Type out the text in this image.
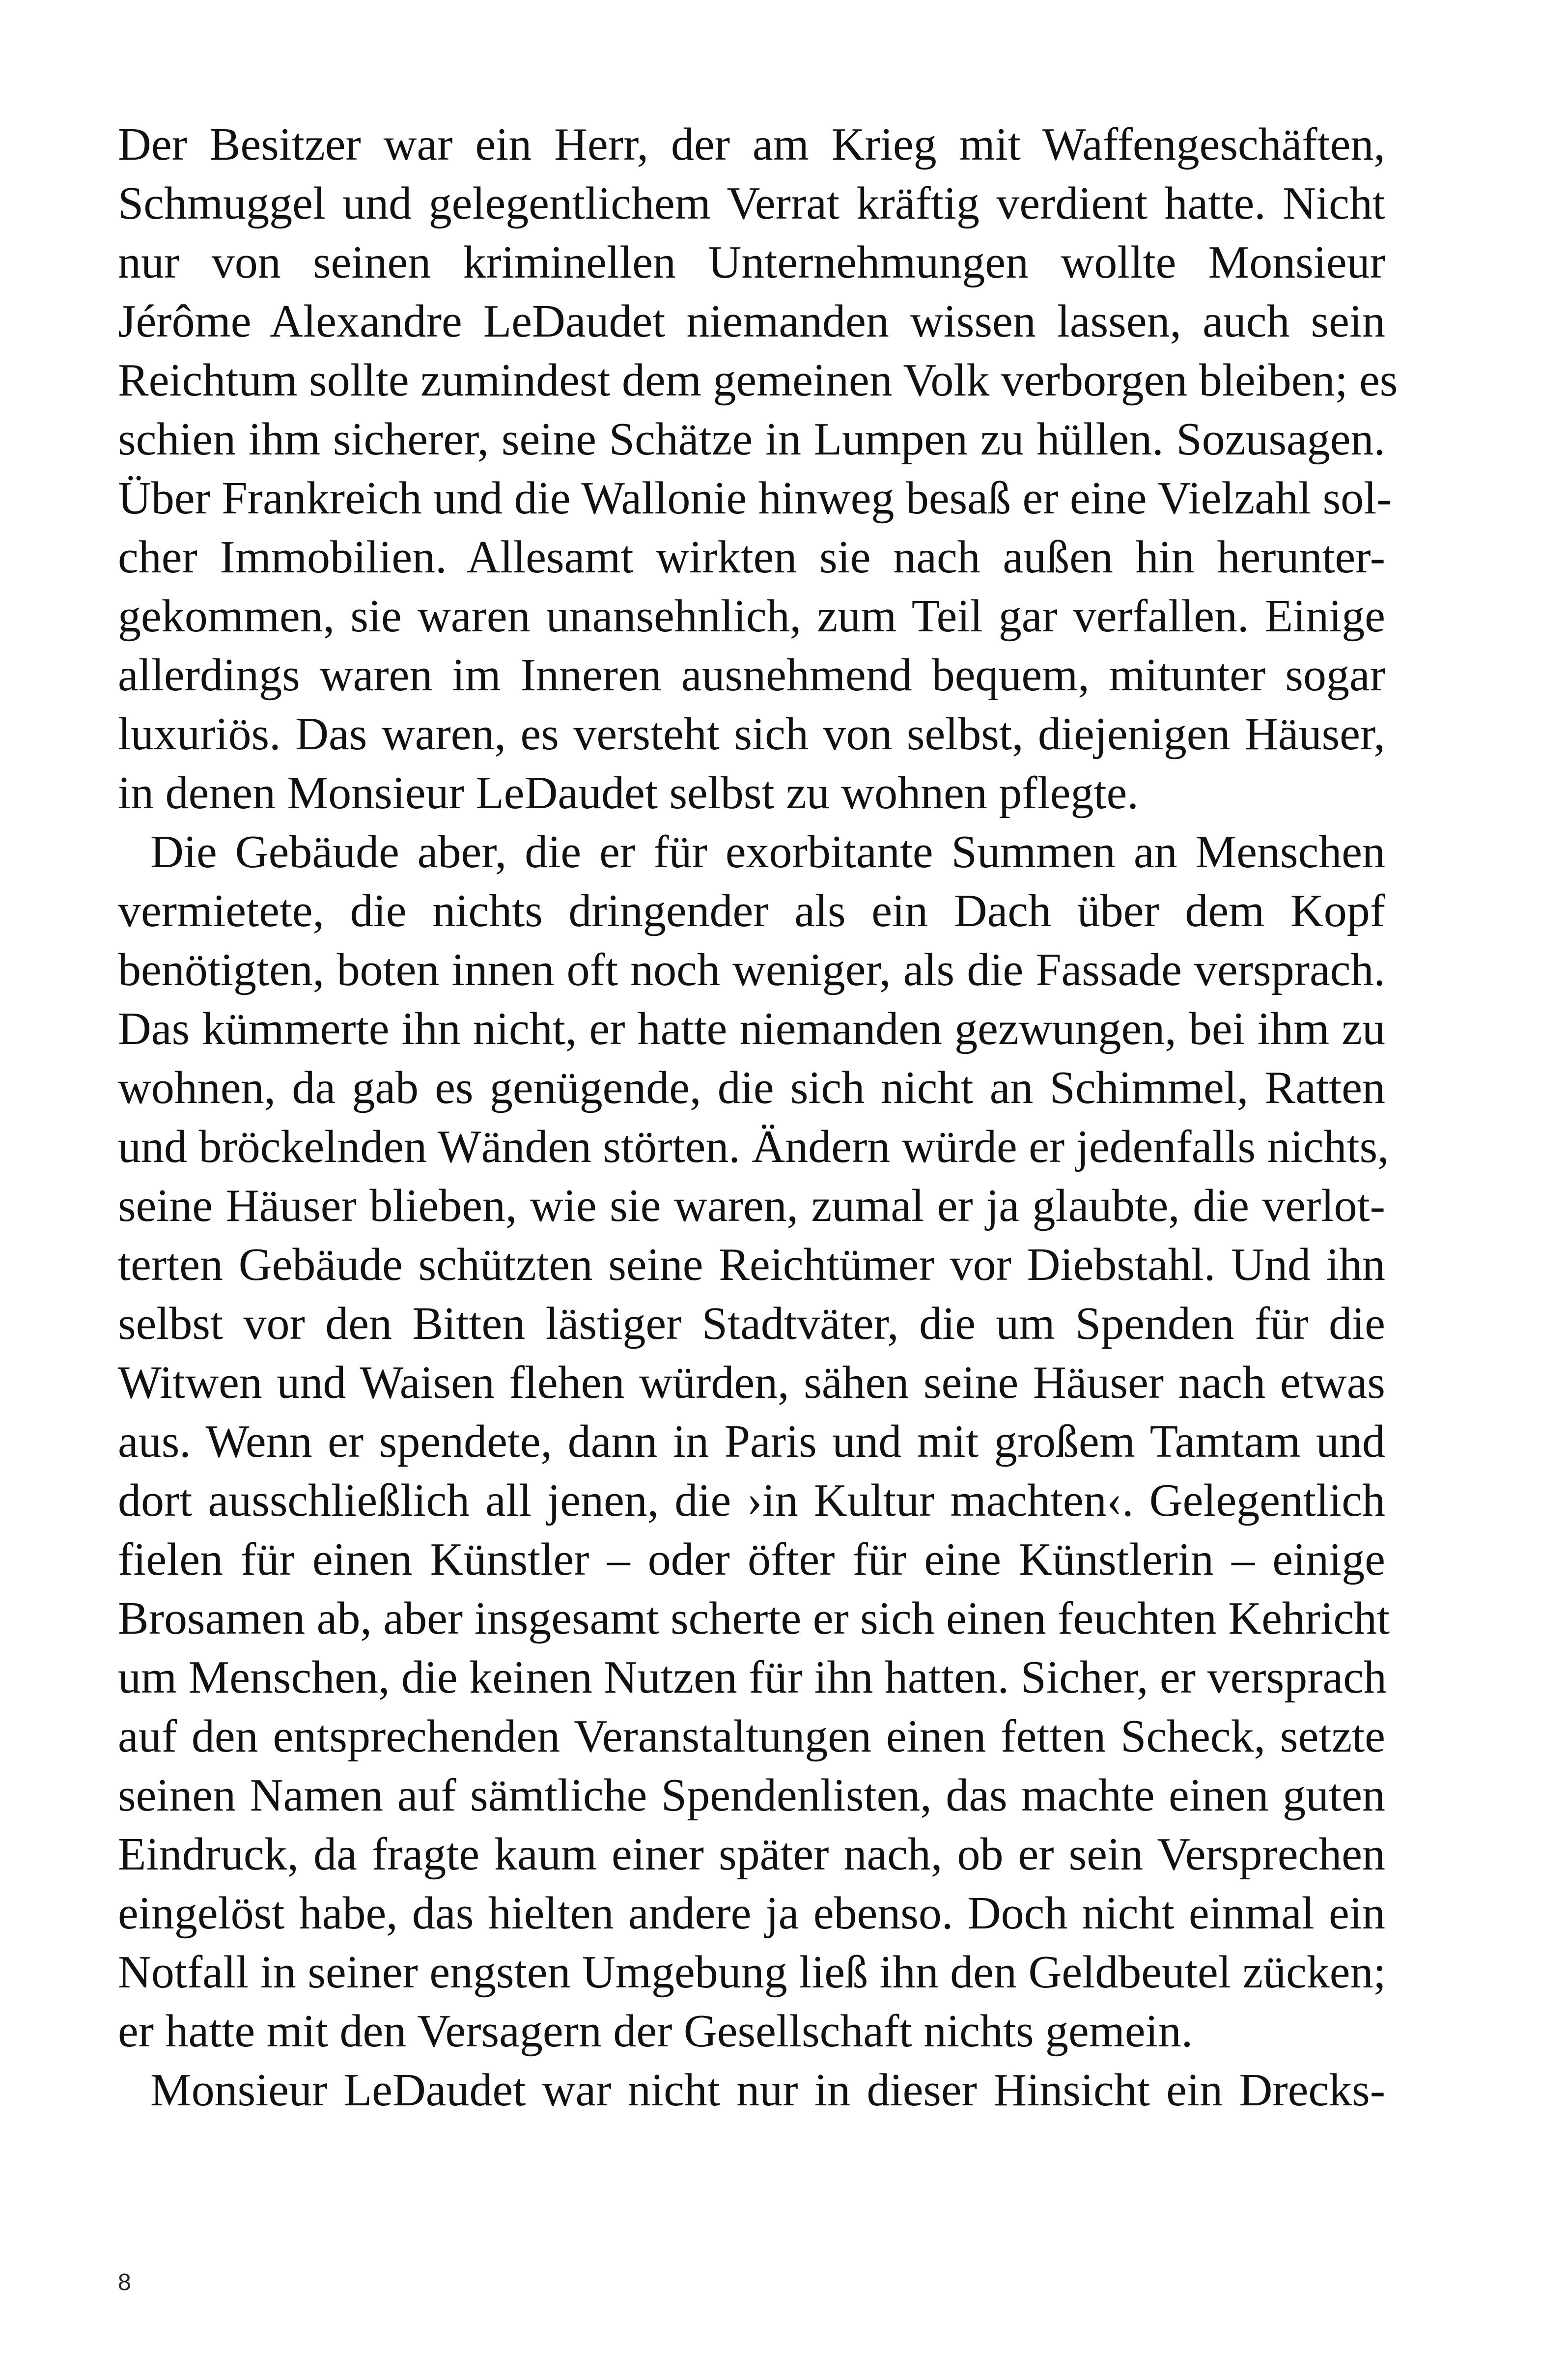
Der Besitzer war ein Herr, der am Krieg mit Waffengeschäften,
Schmuggel und gelegentlichem Verrat kräftig verdient hatte. Nicht
nur von seinen kriminellen Unternehmungen wollte Monsieur
Jérôme Alexandre LeDaudet niemanden wissen lassen, auch sein
Reichtum sollte zumindest dem gemeinen Volk verborgen bleiben; es
schien ihm sicherer, seine Schätze in Lumpen zu hüllen. Sozusagen.
Über Frankreich und die Wallonie hinweg besaß er eine Vielzahl sol-
cher Immobilien. Allesamt wirkten sie nach außen hin herunter-
gekommen, sie waren unansehnlich, zum Teil gar verfallen. Einige
allerdings waren im Inneren ausnehmend bequem, mitunter sogar
luxuriös. Das waren, es versteht sich von selbst, diejenigen Häuser,
in denen Monsieur LeDaudet selbst zu wohnen pflegte.
Die Gebäude aber, die er für exorbitante Summen an Menschen
vermietete, die nichts dringender als ein Dach über dem Kopf
benötigten, boten innen oft noch weniger, als die Fassade versprach.
Das kümmerte ihn nicht, er hatte niemanden gezwungen, bei ihm zu
wohnen, da gab es genügende, die sich nicht an Schimmel, Ratten
und bröckelnden Wänden störten. Ändern würde er jedenfalls nichts,
seine Häuser blieben, wie sie waren, zumal er ja glaubte, die verlot-
terten Gebäude schützten seine Reichtümer vor Diebstahl. Und ihn
selbst vor den Bitten lästiger Stadtväter, die um Spenden für die
Witwen und Waisen flehen würden, sähen seine Häuser nach etwas
aus. Wenn er spendete, dann in Paris und mit großem Tamtam und
dort ausschließlich all jenen, die ›in Kultur machten‹. Gelegentlich
fielen für einen Künstler – oder öfter für eine Künstlerin – einige
Brosamen ab, aber insgesamt scherte er sich einen feuchten Kehricht
um Menschen, die keinen Nutzen für ihn hatten. Sicher, er versprach
auf den entsprechenden Veranstaltungen einen fetten Scheck, setzte
seinen Namen auf sämtliche Spendenlisten, das machte einen guten
Eindruck, da fragte kaum einer später nach, ob er sein Versprechen
eingelöst habe, das hielten andere ja ebenso. Doch nicht einmal ein
Notfall in seiner engsten Umgebung ließ ihn den Geldbeutel zücken;
er hatte mit den Versagern der Gesellschaft nichts gemein.
Monsieur LeDaudet war nicht nur in dieser Hinsicht ein Drecks-
8
